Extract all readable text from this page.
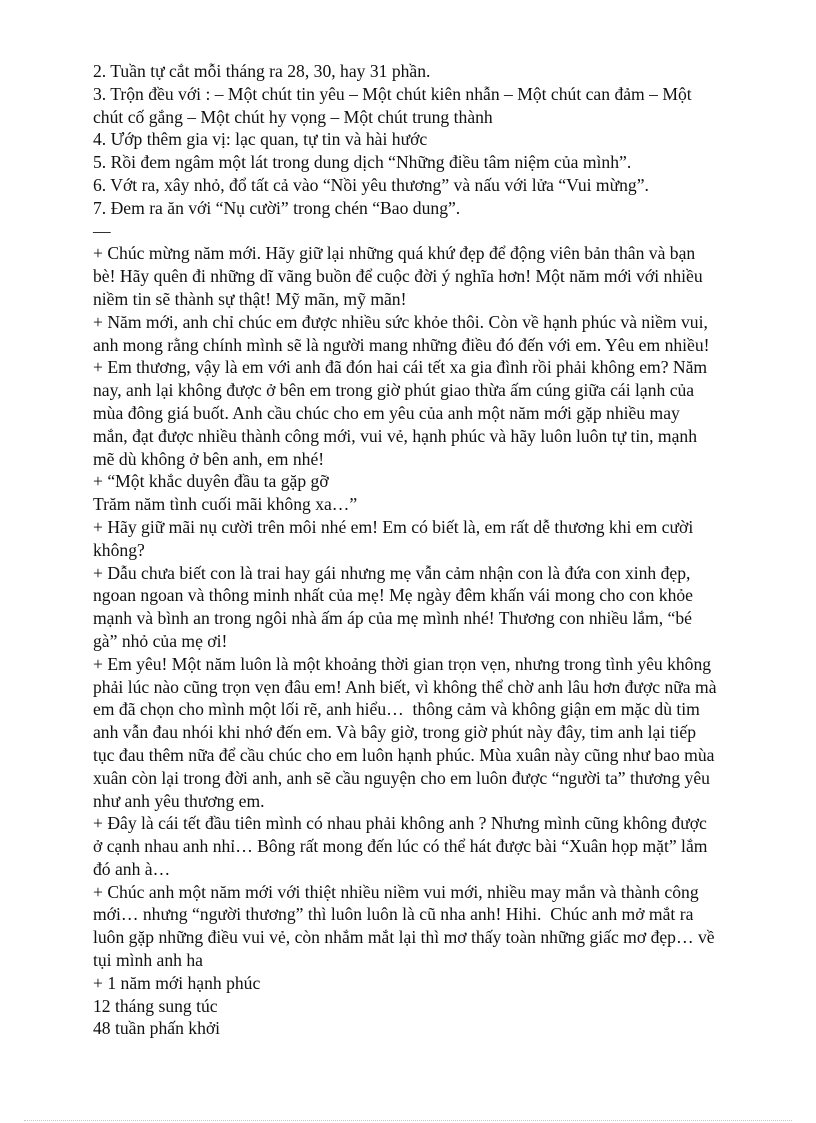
2. Tuần tự cắt mỗi tháng ra 28, 30, hay 31 phần.
3. Trộn đều với : – Một chút tin yêu – Một chút kiên nhẫn – Một chút can đảm – Một
chút cố gắng – Một chút hy vọng – Một chút trung thành
4. Ướp thêm gia vị: lạc quan, tự tin và hài hước
5. Rồi đem ngâm một lát trong dung dịch “Những điều tâm niệm của mình”.
6. Vớt ra, xây nhỏ, đổ tất cả vào “Nồi yêu thương” và nấu với lửa “Vui mừng”.
7. Đem ra ăn với “Nụ cười” trong chén “Bao dung”.
—
+ Chúc mừng năm mới. Hãy giữ lại những quá khứ đẹp để động viên bản thân và bạn
bè! Hãy quên đi những dĩ vãng buồn để cuộc đời ý nghĩa hơn! Một năm mới với nhiều
niềm tin sẽ thành sự thật! Mỹ mãn, mỹ mãn!
+ Năm mới, anh chỉ chúc em được nhiều sức khỏe thôi. Còn về hạnh phúc và niềm vui,
anh mong rằng chính mình sẽ là người mang những điều đó đến với em. Yêu em nhiều!
+ Em thương, vậy là em với anh đã đón hai cái tết xa gia đình rồi phải không em? Năm
nay, anh lại không được ở bên em trong giờ phút giao thừa ấm cúng giữa cái lạnh của
mùa đông giá buốt. Anh cầu chúc cho em yêu của anh một năm mới gặp nhiều may
mắn, đạt được nhiều thành công mới, vui vẻ, hạnh phúc và hãy luôn luôn tự tin, mạnh
mẽ dù không ở bên anh, em nhé!
+ “Một khắc duyên đầu ta gặp gỡ
Trăm năm tình cuối mãi không xa…”
+ Hãy giữ mãi nụ cười trên môi nhé em! Em có biết là, em rất dễ thương khi em cười
không?
+ Dẫu chưa biết con là trai hay gái nhưng mẹ vẫn cảm nhận con là đứa con xinh đẹp,
ngoan ngoan và thông minh nhất của mẹ! Mẹ ngày đêm khấn vái mong cho con khỏe
mạnh và bình an trong ngôi nhà ấm áp của mẹ mình nhé! Thương con nhiều lắm, “bé
gà” nhỏ của mẹ ơi!
+ Em yêu! Một năm luôn là một khoảng thời gian trọn vẹn, nhưng trong tình yêu không
phải lúc nào cũng trọn vẹn đâu em! Anh biết, vì không thể chờ anh lâu hơn được nữa mà
em đã chọn cho mình một lối rẽ, anh hiểu…  thông cảm và không giận em mặc dù tim
anh vẫn đau nhói khi nhớ đến em. Và bây giờ, trong giờ phút này đây, tim anh lại tiếp
tục đau thêm nữa để cầu chúc cho em luôn hạnh phúc. Mùa xuân này cũng như bao mùa
xuân còn lại trong đời anh, anh sẽ cầu nguyện cho em luôn được “người ta” thương yêu
như anh yêu thương em.
+ Đây là cái tết đầu tiên mình có nhau phải không anh ? Nhưng mình cũng không được
ở cạnh nhau anh nhỉ… Bông rất mong đến lúc có thể hát được bài “Xuân họp mặt” lắm
đó anh à…
+ Chúc anh một năm mới với thiệt nhiều niềm vui mới, nhiều may mắn và thành công
mới… nhưng “người thương” thì luôn luôn là cũ nha anh! Hihi.  Chúc anh mở mắt ra
luôn gặp những điều vui vẻ, còn nhắm mắt lại thì mơ thấy toàn những giấc mơ đẹp… về
tụi mình anh ha
+ 1 năm mới hạnh phúc
12 tháng sung túc
48 tuần phấn khởi
